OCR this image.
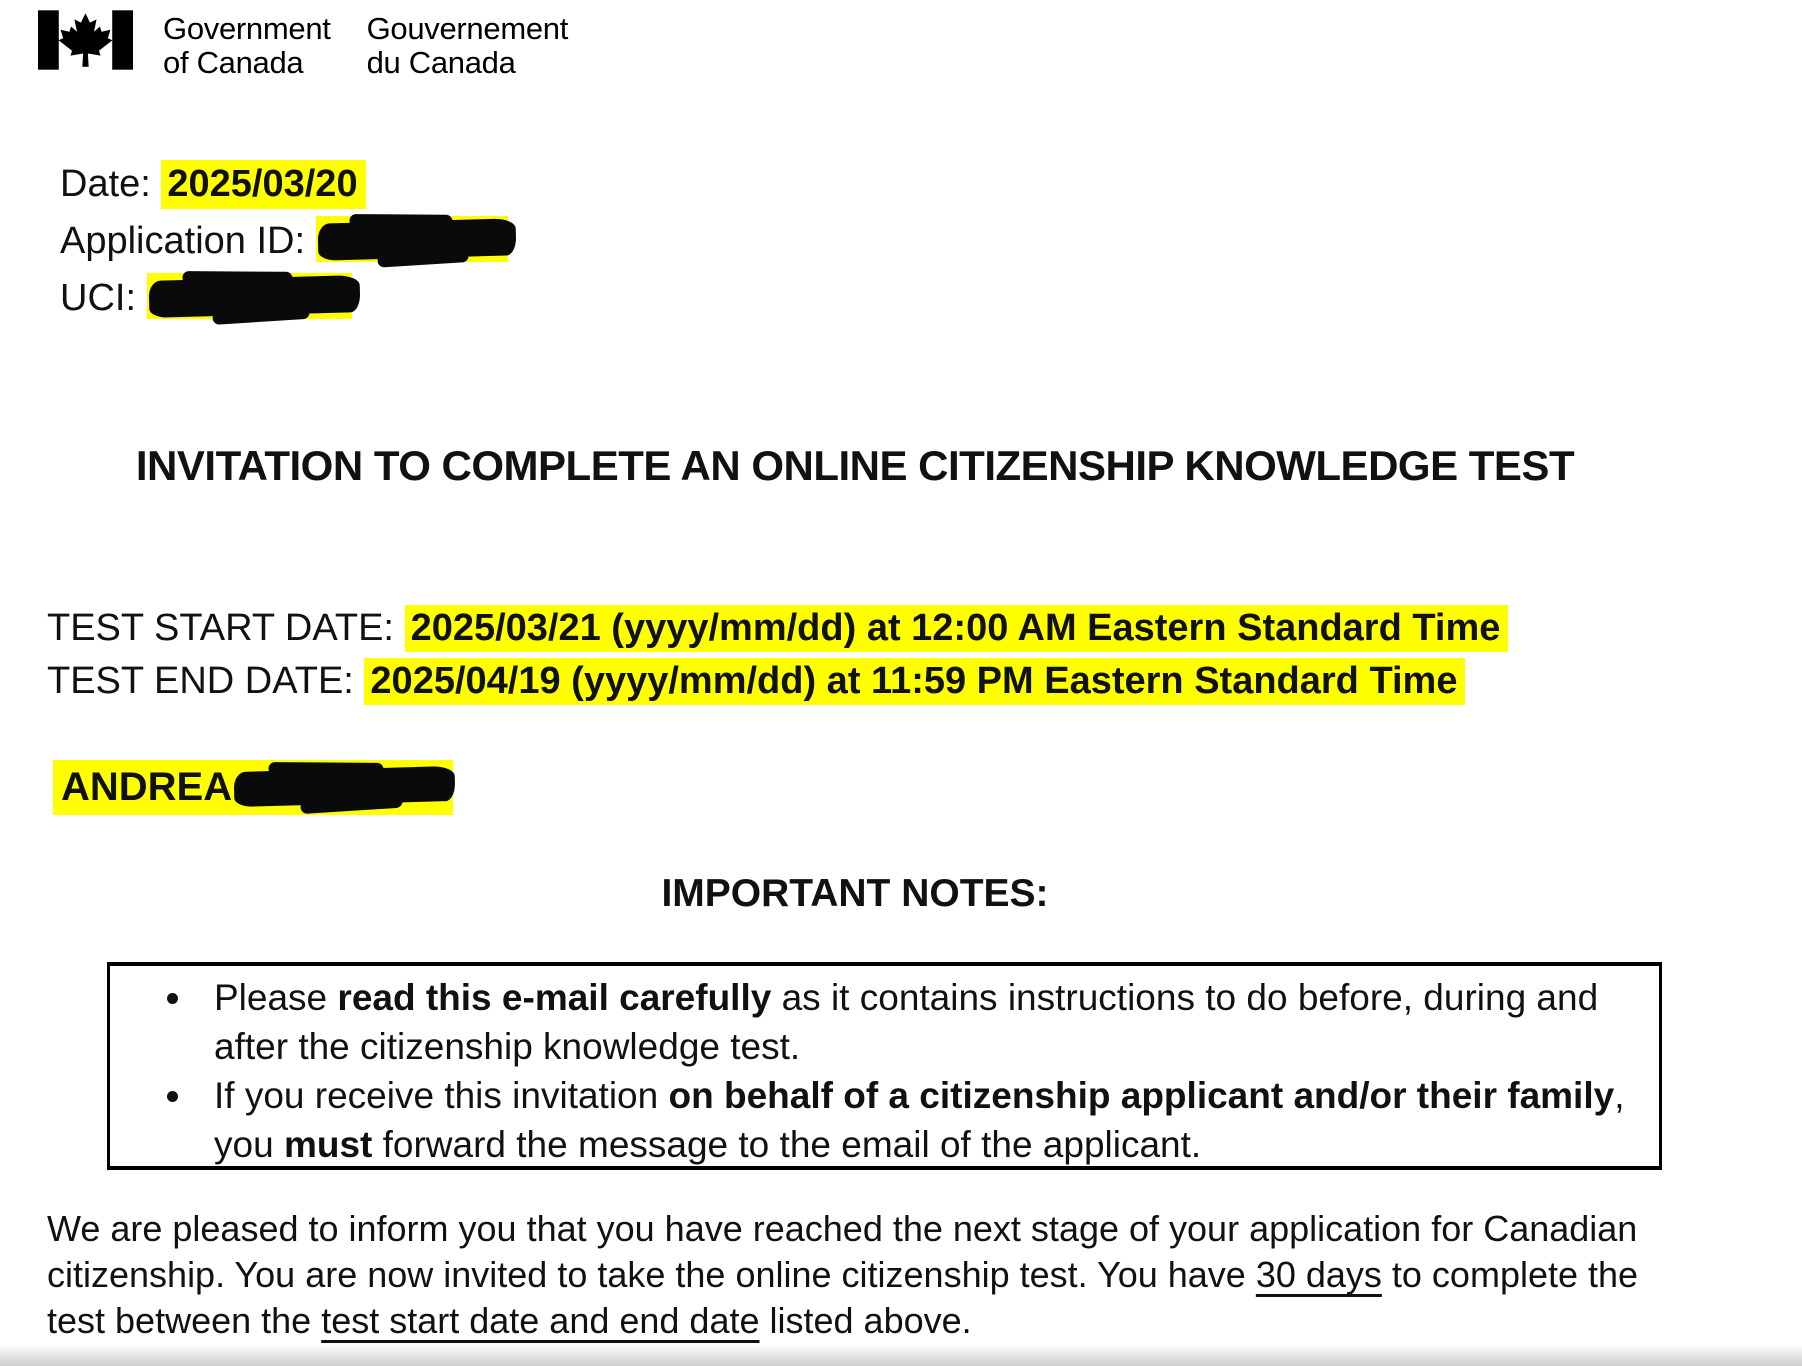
Government
of Canada
Gouvernement
du Canada
Date: 2025/03/20
Application ID:
UCI:
INVITATION TO COMPLETE AN ONLINE CITIZENSHIP KNOWLEDGE TEST
TEST START DATE: 2025/03/21 (yyyy/mm/dd) at 12:00 AM Eastern Standard Time
TEST END DATE: 2025/04/19 (yyyy/mm/dd) at 11:59 PM Eastern Standard Time
ANDREA
IMPORTANT NOTES:
• Please read this e-mail carefully as it contains instructions to do before, during and after the citizenship knowledge test.
• If you receive this invitation on behalf of a citizenship applicant and/or their family, you must forward the message to the email of the applicant.

We are pleased to inform you that you have reached the next stage of your application for Canadian citizenship. You are now invited to take the online citizenship test. You have 30 days to complete the test between the test start date and end date listed above.
